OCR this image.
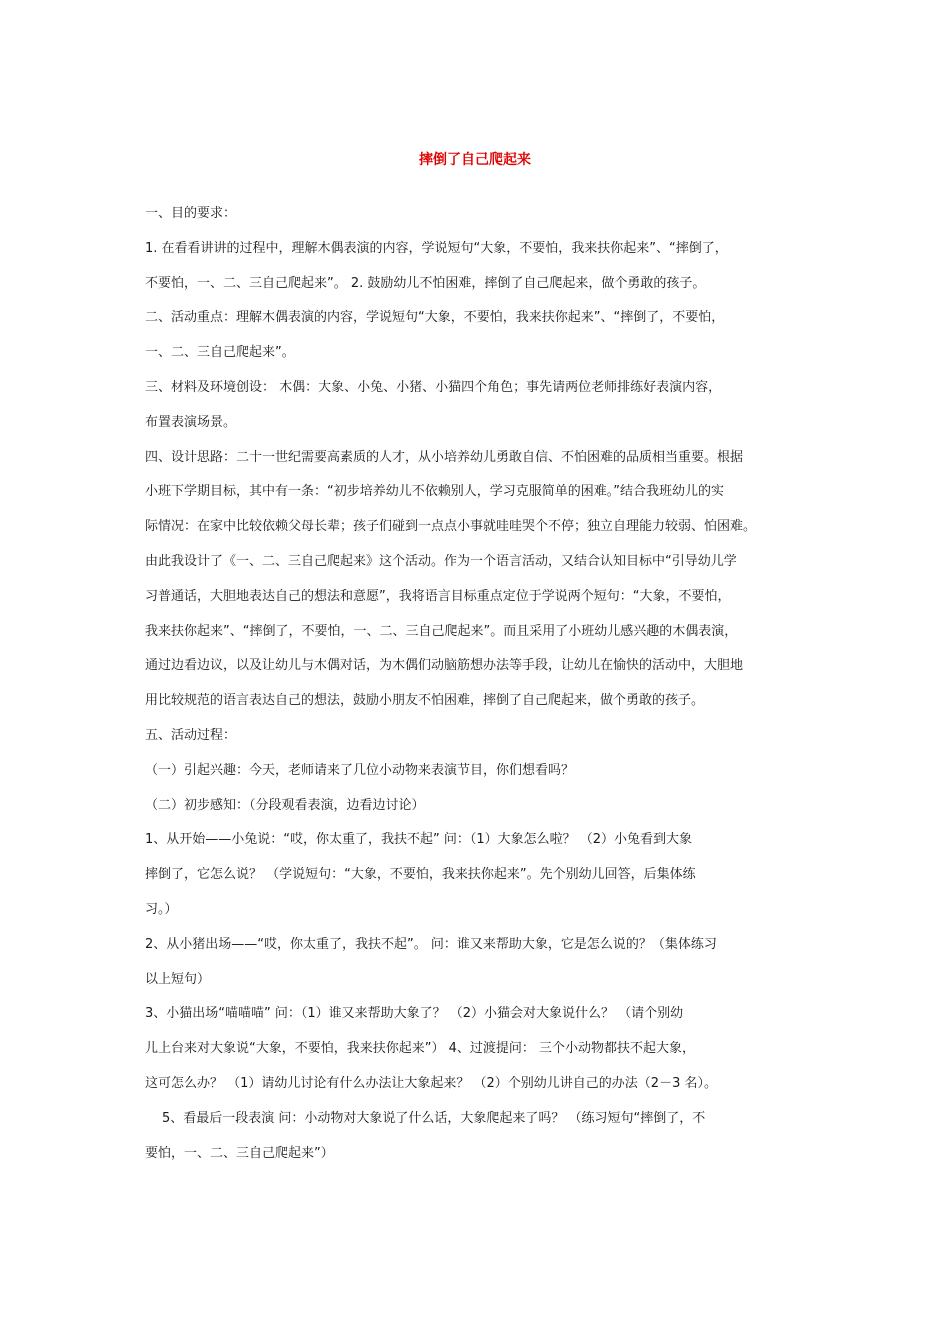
摔倒了自己爬起来
一、目的要求：
1. 在看看讲讲的过程中，理解木偶表演的内容，学说短句“大象，不要怕，我来扶你起来”、“摔倒了，
不要怕，一、二、三自己爬起来”。 2. 鼓励幼儿不怕困难，摔倒了自己爬起来，做个勇敢的孩子。
二、活动重点：理解木偶表演的内容，学说短句“大象，不要怕，我来扶你起来”、“摔倒了，不要怕，
一、二、三自己爬起来”。
三、材料及环境创设： 木偶：大象、小兔、小猪、小猫四个角色；事先请两位老师排练好表演内容，
布置表演场景。
四、设计思路：二十一世纪需要高素质的人才，从小培养幼儿勇敢自信、不怕困难的品质相当重要。根据
小班下学期目标，其中有一条：“初步培养幼儿不依赖别人，学习克服简单的困难。”结合我班幼儿的实
际情况：在家中比较依赖父母长辈；孩子们碰到一点点小事就哇哇哭个不停；独立自理能力较弱、怕困难。
由此我设计了《一、二、三自己爬起来》这个活动。作为一个语言活动，又结合认知目标中“引导幼儿学
习普通话，大胆地表达自己的想法和意愿”，我将语言目标重点定位于学说两个短句：“大象，不要怕，
我来扶你起来”、“摔倒了，不要怕，一、二、三自己爬起来”。而且采用了小班幼儿感兴趣的木偶表演，
通过边看边议，以及让幼儿与木偶对话，为木偶们动脑筋想办法等手段，让幼儿在愉快的活动中，大胆地
用比较规范的语言表达自己的想法，鼓励小朋友不怕困难，摔倒了自己爬起来，做个勇敢的孩子。
五、活动过程：
（一）引起兴趣：今天，老师请来了几位小动物来表演节目，你们想看吗？
（二）初步感知：（分段观看表演，边看边讨论）
1、从开始——小兔说：“哎，你太重了，我扶不起” 问：（1）大象怎么啦？ （2）小兔看到大象
摔倒了，它怎么说？ （学说短句：“大象，不要怕，我来扶你起来”。先个别幼儿回答，后集体练
习。）
2、从小猪出场——“哎，你太重了，我扶不起”。 问：谁又来帮助大象，它是怎么说的？（集体练习
以上短句）
3、小猫出场“喵喵喵” 问：（1）谁又来帮助大象了？ （2）小猫会对大象说什么？ （请个别幼
儿上台来对大象说“大象，不要怕，我来扶你起来”） 4、过渡提问： 三个小动物都扶不起大象，
这可怎么办？ （1）请幼儿讨论有什么办法让大象起来？ （2）个别幼儿讲自己的办法（2－3 名）。
5、看最后一段表演 问：小动物对大象说了什么话，大象爬起来了吗？ （练习短句“摔倒了，不
要怕，一、二、三自己爬起来”）
